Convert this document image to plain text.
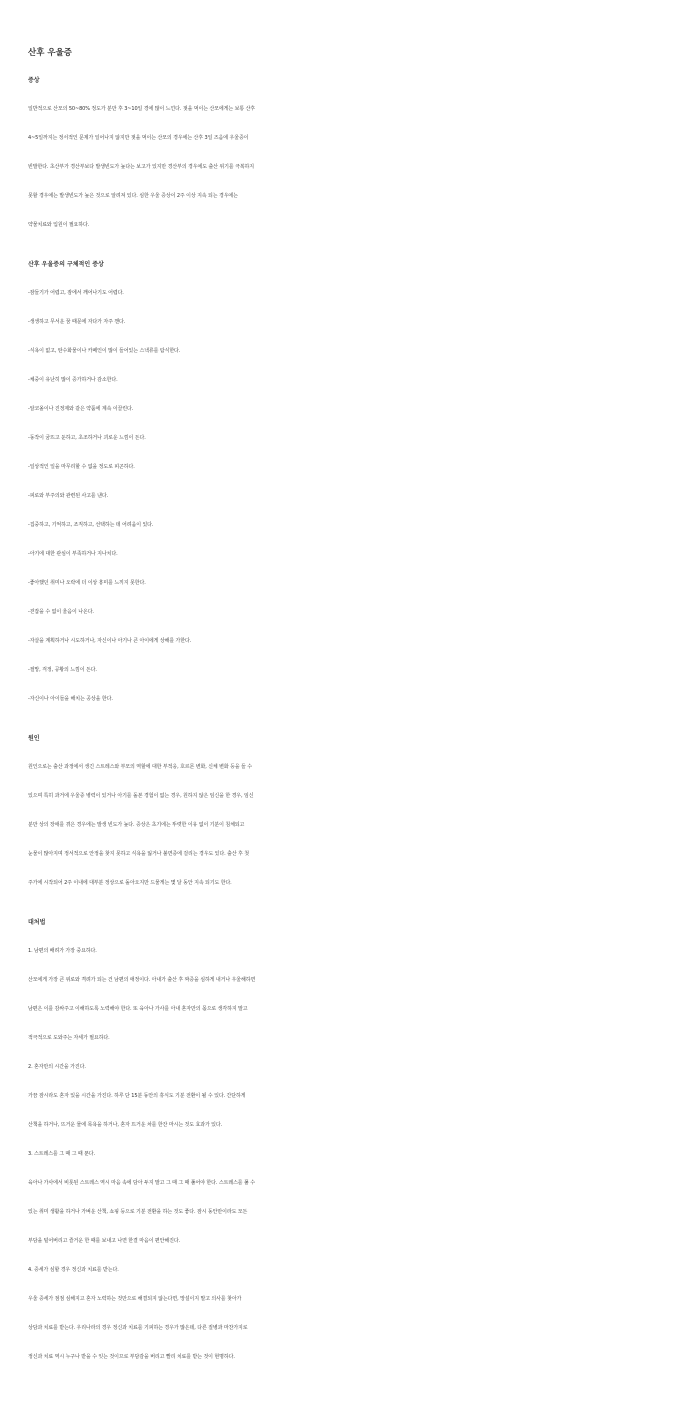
산후 우울증
증상
일반적으로 산모의 50~80% 정도가 분만 후 3~10일 경에 많이 느낀다. 젖을 먹이는 산모에게는 보통 산후
4~5일까지는 정서적인 문제가 일어나지 않지만 젖을 먹이는 산모의 경우에는 산후 3일 즈음에 우울증이
빈발한다. 초산부가 경산부보다 발생빈도가 높다는 보고가 있지만 경산부의 경우에도 출산 위기를 극복하지
못할 경우에는 발생빈도가 높은 것으로 알려져 있다. 심한 우울 증상이 2주 이상 지속 되는 경우에는
약물치료와 입원이 필요하다.
산후 우울증의 구체적인 증상
-잠들기가 어렵고, 잠에서 깨어나기도 어렵다.
-생생하고 무서운 꿈 때문에 자다가 자주 깬다.
-식욕이 없고, 탄수화물이나 카페인이 많이 들어있는 스낵류를 탐식한다.
-체중이 유난히 많이 증가하거나 감소한다.
-알코올이나 진정제와 같은 약품에 계속 이끌린다.
-동작이 굼뜨고 둔하고, 초조하거나 괴로운 느낌이 든다.
-일상적인 일을 마무리할 수 없을 정도로 피곤하다.
-피로와 부주의와 관련된 사고를 낸다.
-집중하고, 기억하고, 조직하고, 선택하는 데 어려움이 있다.
-아기에 대한 관심이 부족하거나 지나치다.
-좋아했던 취미나 오락에 더 이상 흥미를 느끼지 못한다.
-걷잡을 수 없이 울음이 나온다.
-자살을 계획하거나 시도하거나, 자신이나 아기나 큰 아이에게 상해를 가한다.
-절망, 걱정, 공황의 느낌이 든다.
-자신이나 아이들을 해치는 공상을 한다.
원인
원인으로는 출산 과정에서 생긴 스트레스와 부모의 역할에 대한 부적응, 호르몬 변화, 신체 변화 등을 들 수
있으며 특히 과거에 우울증 병력이 있거나 아기를 돌본 경험이 없는 경우, 원하지 않은 임신을 한 경우, 임신
분만 상의 장애를 겪은 경우에는 발생 빈도가 높다. 증상은 초기에는 뚜렷한 이유 없이 기분이 침체되고
눈물이 많아지며 정서적으로 안정을 찾지 못하고 식욕을 잃거나 불면증에 걸리는 경우도 있다. 출산 후 첫
주가에 시작되어 2주 이내에 대부분 정상으로 돌아오지만 드물게는 몇 달 동안 지속 되기도 한다.
대처법
1. 남편의 배려가 가장 중요하다.
산모에게 가장 큰 위로와 격려가 되는 건 남편의 애정이다. 아내가 출산 후 짜증을 심하게 내거나 우울해하면
남편은 이를 감싸주고 이해하도록 노력해야 한다. 또 육아나 가사를 아내 혼자만의 몫으로 생각하지 말고
적극적으로 도와주는 자세가 필요하다.
2. 혼자만의 시간을 가진다.
가끔 잠시라도 혼자 있을 시간을 가진다. 하루 단 15분 동안의 휴식도 기분 전환이 될 수 있다. 간단하게
산책을 하거나, 뜨거운 물에 목욕을 하거나, 혼자 뜨거운 차를 한잔 마시는 것도 효과가 있다.
3. 스트레스를 그 때 그 때 푼다.
육아나 가사에서 비롯된 스트레스 역시 마음 속에 담아 두지 말고 그 때 그 때 풀어야 한다. 스트레스를 풀 수
있는 취미 생활을 하거나 가벼운 산책, 쇼핑 등으로 기분 전환을 하는 것도 좋다. 잠시 동안만이라도 모든
부담을 털어버리고 즐거운 한 때를 보내고 나면 한결 마음이 편안해진다.
4. 증세가 심할 경우 정신과 치료를 받는다.
우울 증세가 점점 심해지고 혼자 노력하는 것만으로 해결되지 않는다면, 망설이지 말고 의사를 찾아가
상담과 치료를 받는다. 우리나라의 경우 정신과 치료를 기피하는 경우가 많은데, 다른 질병과 마찬가지로
정신과 치료 역시 누구나 받을 수 잇는 것이므로 부담감을 버리고 빨리 치료를 받는 것이 현명하다.
